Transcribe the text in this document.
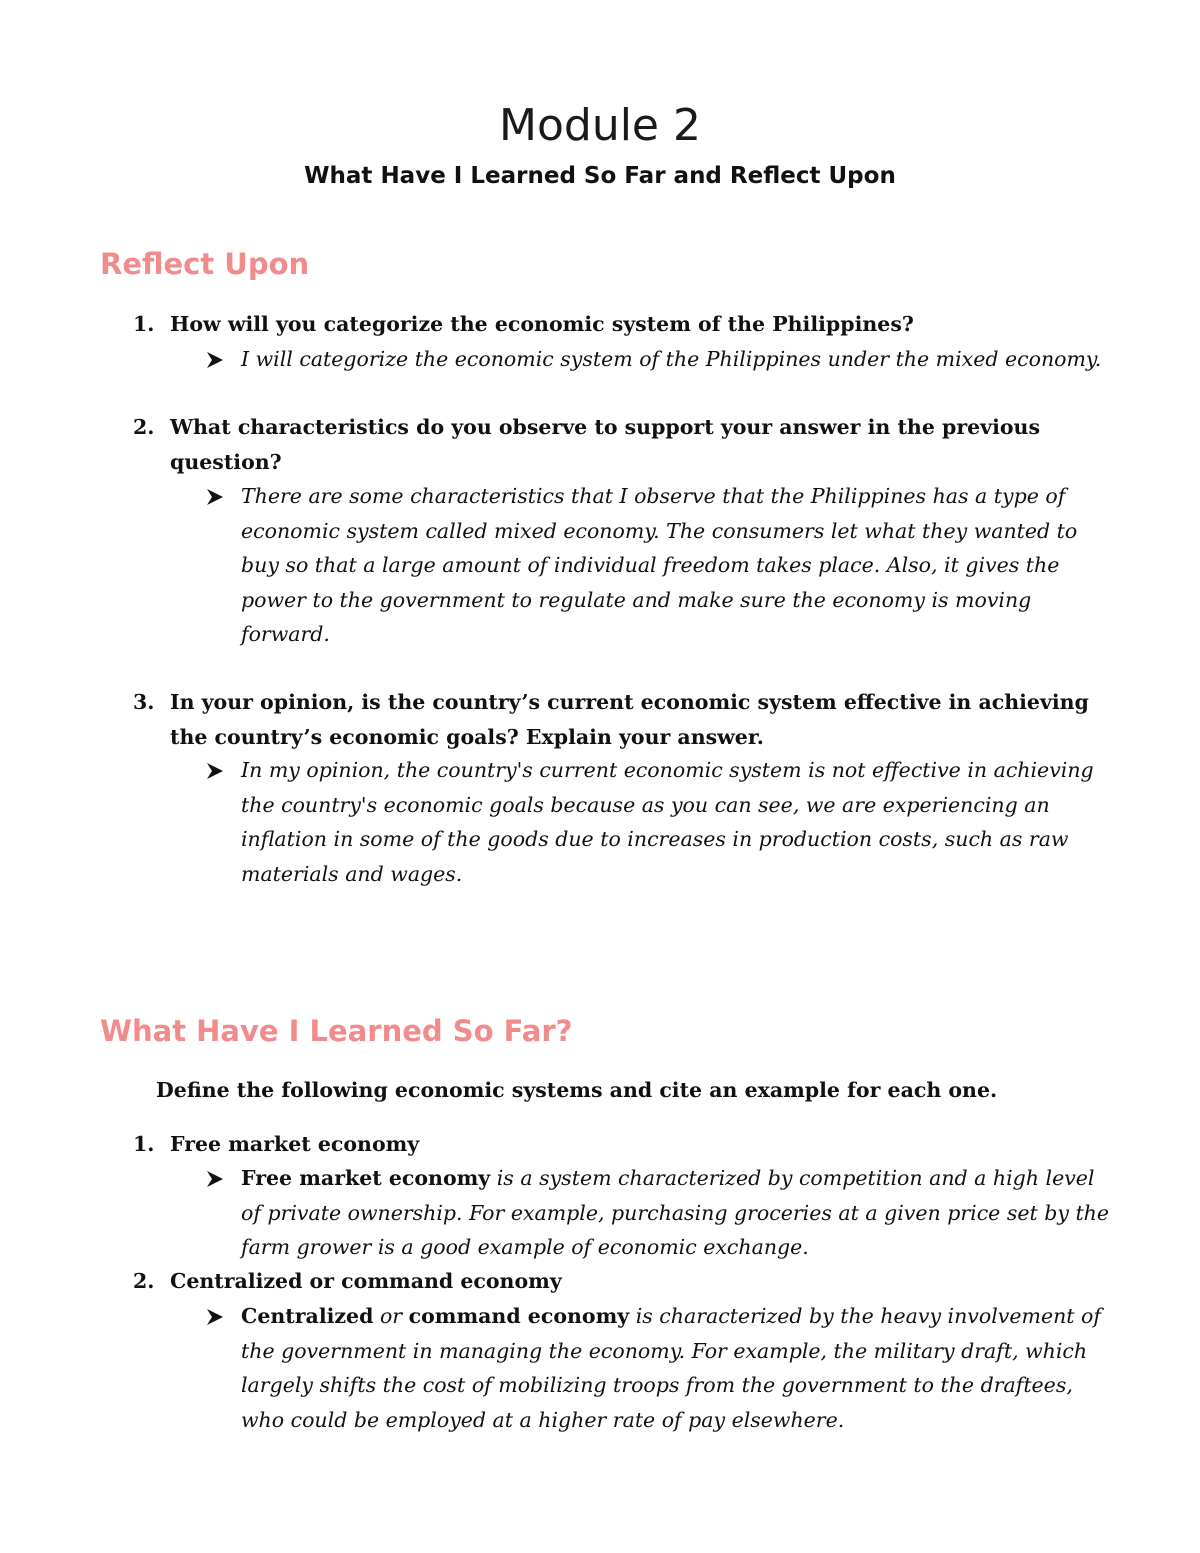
Module 2
What Have I Learned So Far and Reflect Upon
Reflect Upon
1. How will you categorize the economic system of the Philippines?
I will categorize the economic system of the Philippines under the mixed economy.
2. What characteristics do you observe to support your answer in the previous question?
There are some characteristics that I observe that the Philippines has a type of economic system called mixed economy. The consumers let what they wanted to buy so that a large amount of individual freedom takes place. Also, it gives the power to the government to regulate and make sure the economy is moving forward.
3. In your opinion, is the country’s current economic system effective in achieving the country’s economic goals? Explain your answer.
In my opinion, the country's current economic system is not effective in achieving the country's economic goals because as you can see, we are experiencing an inflation in some of the goods due to increases in production costs, such as raw materials and wages.
What Have I Learned So Far?
Define the following economic systems and cite an example for each one.
1. Free market economy
Free market economy is a system characterized by competition and a high level of private ownership. For example, purchasing groceries at a given price set by the farm grower is a good example of economic exchange.
2. Centralized or command economy
Centralized or command economy is characterized by the heavy involvement of the government in managing the economy. For example, the military draft, which largely shifts the cost of mobilizing troops from the government to the draftees, who could be employed at a higher rate of pay elsewhere.
